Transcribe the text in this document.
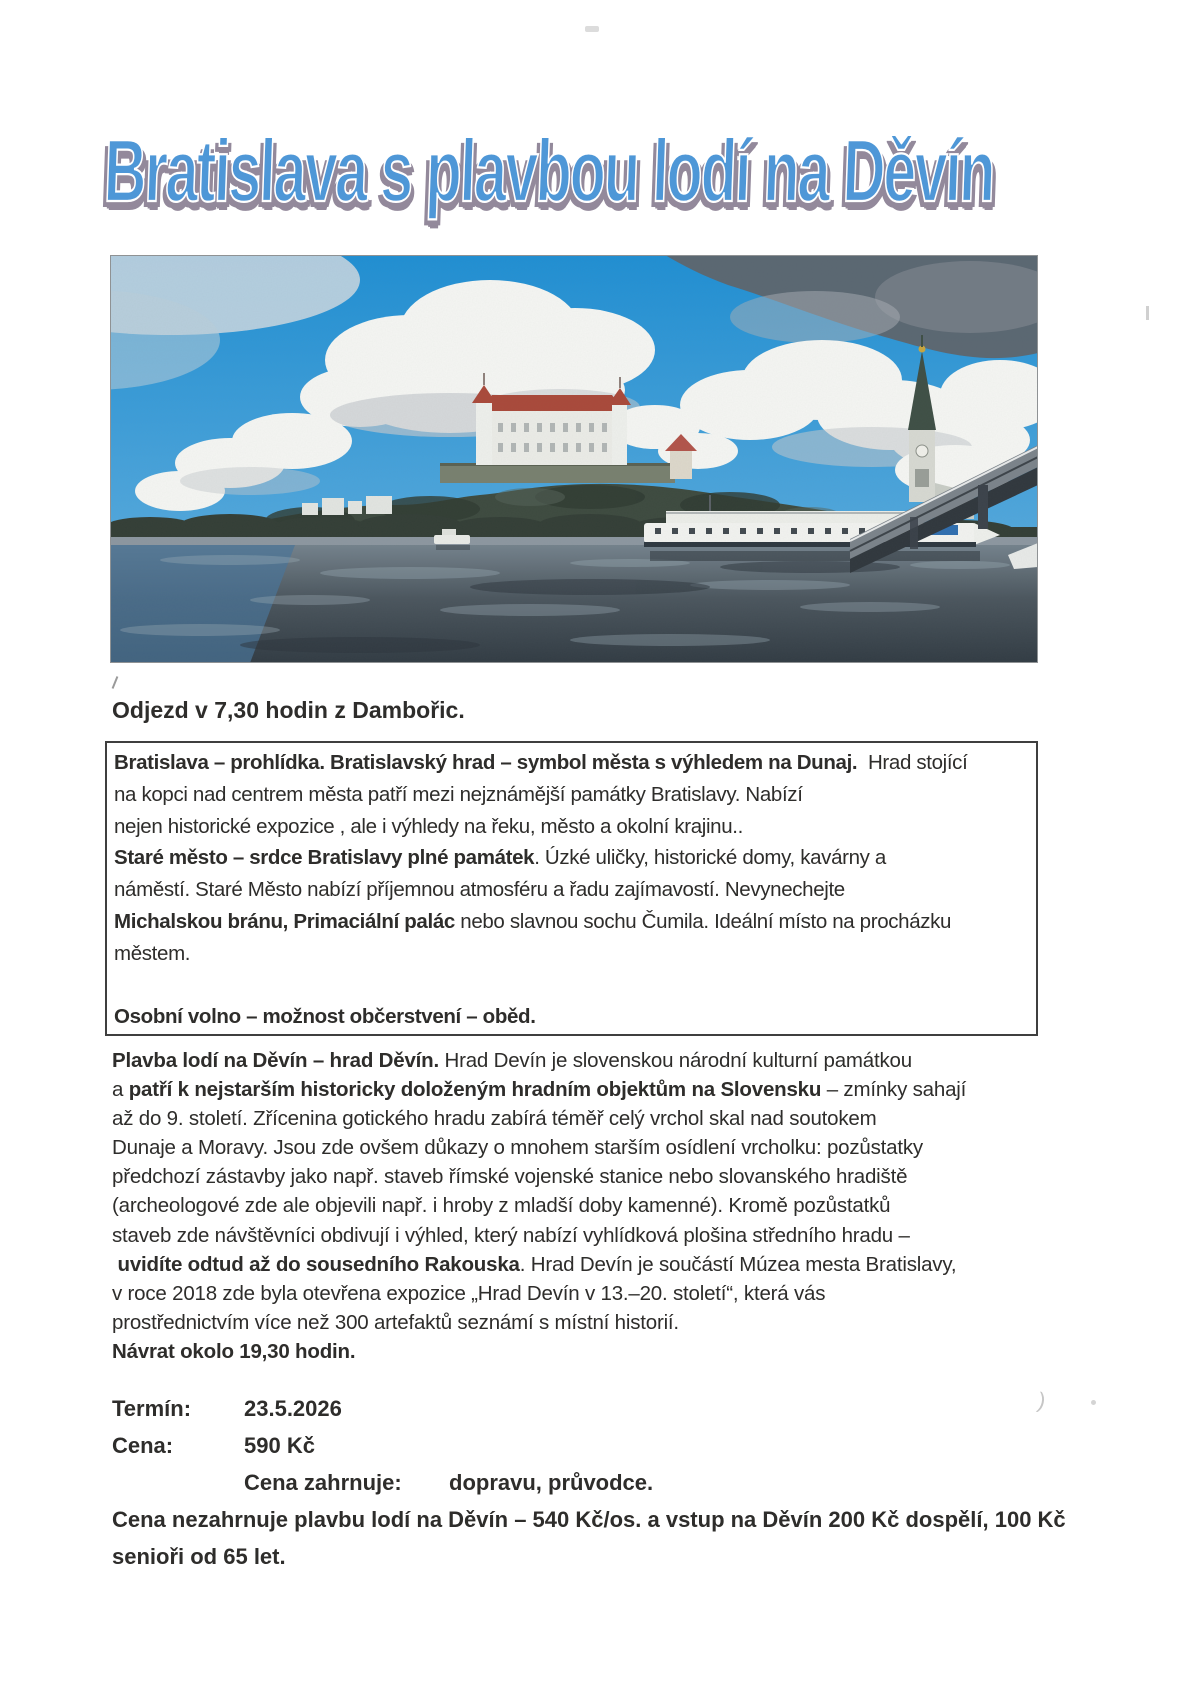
Bratislava s plavbou lodí na Děvín
Odjezd v 7,30 hodin z Dambořic.
Bratislava – prohlídka. Bratislavský hrad – symbol města s výhledem na Dunaj.  Hrad stojící
na kopci nad centrem města patří mezi nejznámější památky Bratislavy. Nabízí
nejen historické expozice , ale i výhledy na řeku, město a okolní krajinu..
Staré město – srdce Bratislavy plné památek. Úzké uličky, historické domy, kavárny a
náměstí. Staré Město nabízí příjemnou atmosféru a řadu zajímavostí. Nevynechejte
Michalskou bránu, Primaciální palác nebo slavnou sochu Čumila. Ideální místo na procházku
městem.
Osobní volno – možnost občerstvení – oběd.
Plavba lodí na Děvín – hrad Děvín. Hrad Devín je slovenskou národní kulturní památkou
a patří k nejstarším historicky doloženým hradním objektům na Slovensku – zmínky sahají
až do 9. století. Zřícenina gotického hradu zabírá téměř celý vrchol skal nad soutokem
Dunaje a Moravy. Jsou zde ovšem důkazy o mnohem starším osídlení vrcholku: pozůstatky
předchozí zástavby jako např. staveb římské vojenské stanice nebo slovanského hradiště
(archeologové zde ale objevili např. i hroby z mladší doby kamenné). Kromě pozůstatků
staveb zde návštěvníci obdivují i výhled, který nabízí vyhlídková plošina středního hradu –
uvidíte odtud až do sousedního Rakouska. Hrad Devín je součástí Múzea mesta Bratislavy,
v roce 2018 zde byla otevřena expozice „Hrad Devín v 13.–20. století“, která vás
prostřednictvím více než 300 artefaktů seznámí s místní historií.
Návrat okolo 19,30 hodin.
Termín: 23.5.2026
Cena:	590 Kč
Cena zahrnuje: dopravu, průvodce.
Cena nezahrnuje plavbu lodí na Děvín – 540 Kč/os. a vstup na Děvín 200 Kč dospělí, 100 Kč
senioři od 65 let.
)
